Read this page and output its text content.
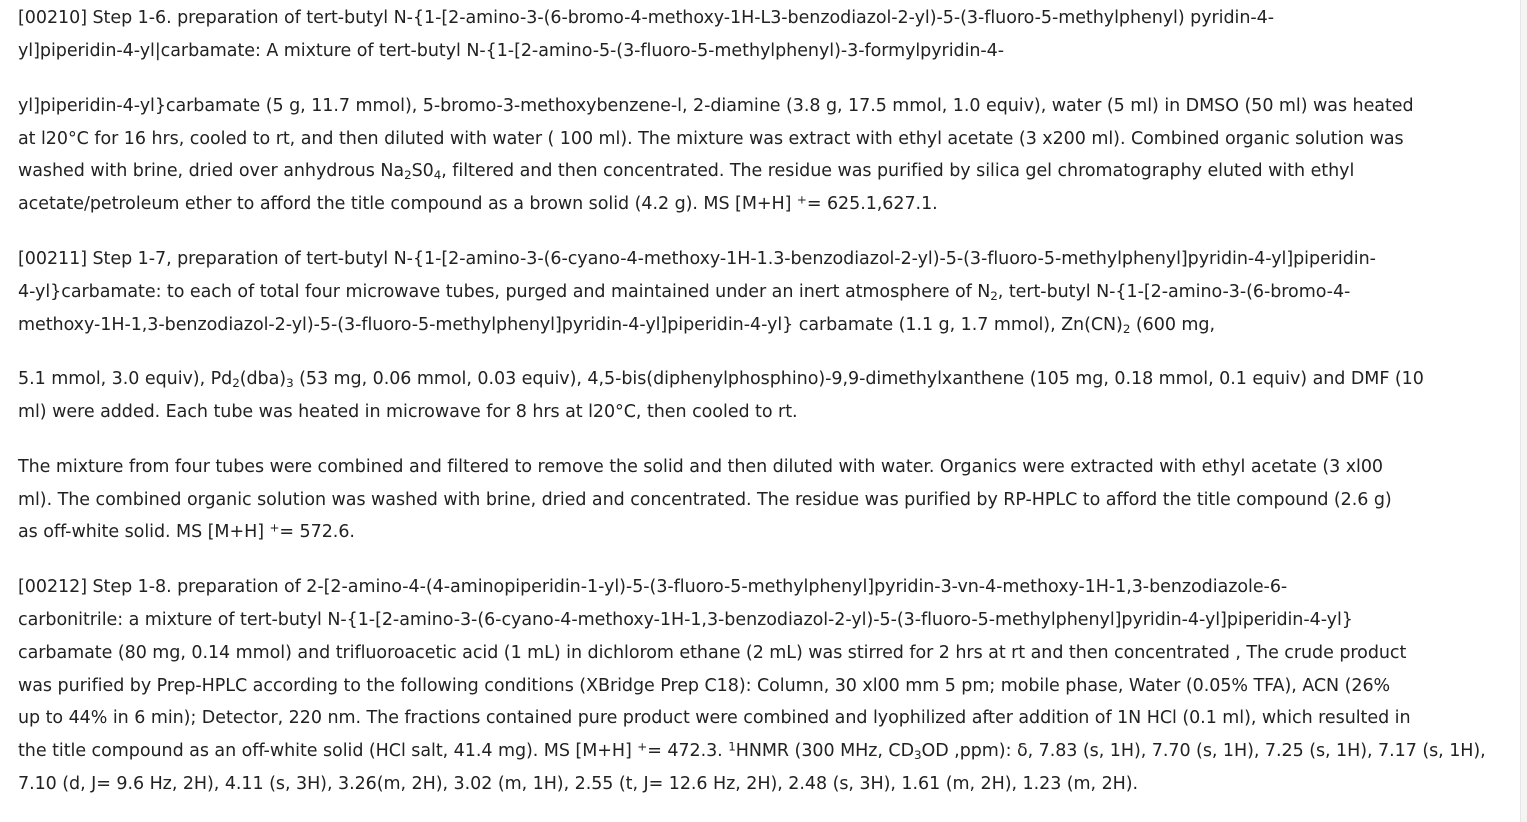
[00210] Step 1-6. preparation of tert-butyl N-{1-[2-amino-3-(6-bromo-4-methoxy-1H-L3-benzodiazol-2-yl)-5-(3-fluoro-5-methylphenyl) pyridin-4-
yl]piperidin-4-yl|carbamate: A mixture of tert-butyl N-{1-[2-amino-5-(3-fluoro-5-methylphenyl)-3-formylpyridin-4-
yl]piperidin-4-yl}carbamate (5 g, 11.7 mmol), 5-bromo-3-methoxybenzene-l, 2-diamine (3.8 g, 17.5 mmol, 1.0 equiv), water (5 ml) in DMSO (50 ml) was heated
at l20°C for 16 hrs, cooled to rt, and then diluted with water ( 100 ml). The mixture was extract with ethyl acetate (3 x200 ml). Combined organic solution was
washed with brine, dried over anhydrous $Na_2S0_4$, filtered and then concentrated. The residue was purified by silica gel chromatography eluted with ethyl
acetate/petroleum ether to afford the title compound as a brown solid (4.2 g). MS [M+H] += 625.1,627.1.
[00211] Step 1-7, preparation of tert-butyl N-{1-[2-amino-3-(6-cyano-4-methoxy-1H-1.3-benzodiazol-2-yl)-5-(3-fluoro-5-methylphenyl]pyridin-4-yl]piperidin-
4-yl}carbamate: to each of total four microwave tubes, purged and maintained under an inert atmosphere of $N_2$, tert-butyl N-{1-[2-amino-3-(6-bromo-4-
methoxy-1H-1,3-benzodiazol-2-yl)-5-(3-fluoro-5-methylphenyl]pyridin-4-yl]piperidin-4-yl} carbamate (1.1 g, 1.7 mmol), $Zn(CN)_2$ (600 mg,
5.1 mmol, 3.0 equiv), $Pd_2(dba)_3$ (53 mg, 0.06 mmol, 0.03 equiv), 4,5-bis(diphenylphosphino)-9,9-dimethylxanthene (105 mg, 0.18 mmol, 0.1 equiv) and DMF (10
ml) were added. Each tube was heated in microwave for 8 hrs at l20°C, then cooled to rt.
The mixture from four tubes were combined and filtered to remove the solid and then diluted with water. Organics were extracted with ethyl acetate (3 xl00
ml). The combined organic solution was washed with brine, dried and concentrated. The residue was purified by RP-HPLC to afford the title compound (2.6 g)
as off-white solid. MS [M+H] += 572.6.
[00212] Step 1-8. preparation of 2-[2-amino-4-(4-aminopiperidin-1-yl)-5-(3-fluoro-5-methylphenyl]pyridin-3-vn-4-methoxy-1H-1,3-benzodiazole-6-
carbonitrile: a mixture of tert-butyl N-{1-[2-amino-3-(6-cyano-4-methoxy-1H-1,3-benzodiazol-2-yl)-5-(3-fluoro-5-methylphenyl]pyridin-4-yl]piperidin-4-yl}
carbamate (80 mg, 0.14 mmol) and trifluoroacetic acid (1 mL) in dichlorom ethane (2 mL) was stirred for 2 hrs at rt and then concentrated , The crude product
was purified by Prep-HPLC according to the following conditions (XBridge Prep C18): Column, 30 xl00 mm 5 pm; mobile phase, Water (0.05% TFA), ACN (26%
up to 44% in 6 min); Detector, 220 nm. The fractions contained pure product were combined and lyophilized after addition of 1N HCl (0.1 ml), which resulted in
the title compound as an off-white solid (HCl salt, 41.4 mg). MS [M+H] += 472.3. $^1$HNMR (300 MHz, $CD_3OD$ ,ppm): δ, 7.83 (s, 1H), 7.70 (s, 1H), 7.25 (s, 1H), 7.17 (s, 1H),
7.10 (d, J= 9.6 Hz, 2H), 4.11 (s, 3H), 3.26(m, 2H), 3.02 (m, 1H), 2.55 (t, J= 12.6 Hz, 2H), 2.48 (s, 3H), 1.61 (m, 2H), 1.23 (m, 2H).
